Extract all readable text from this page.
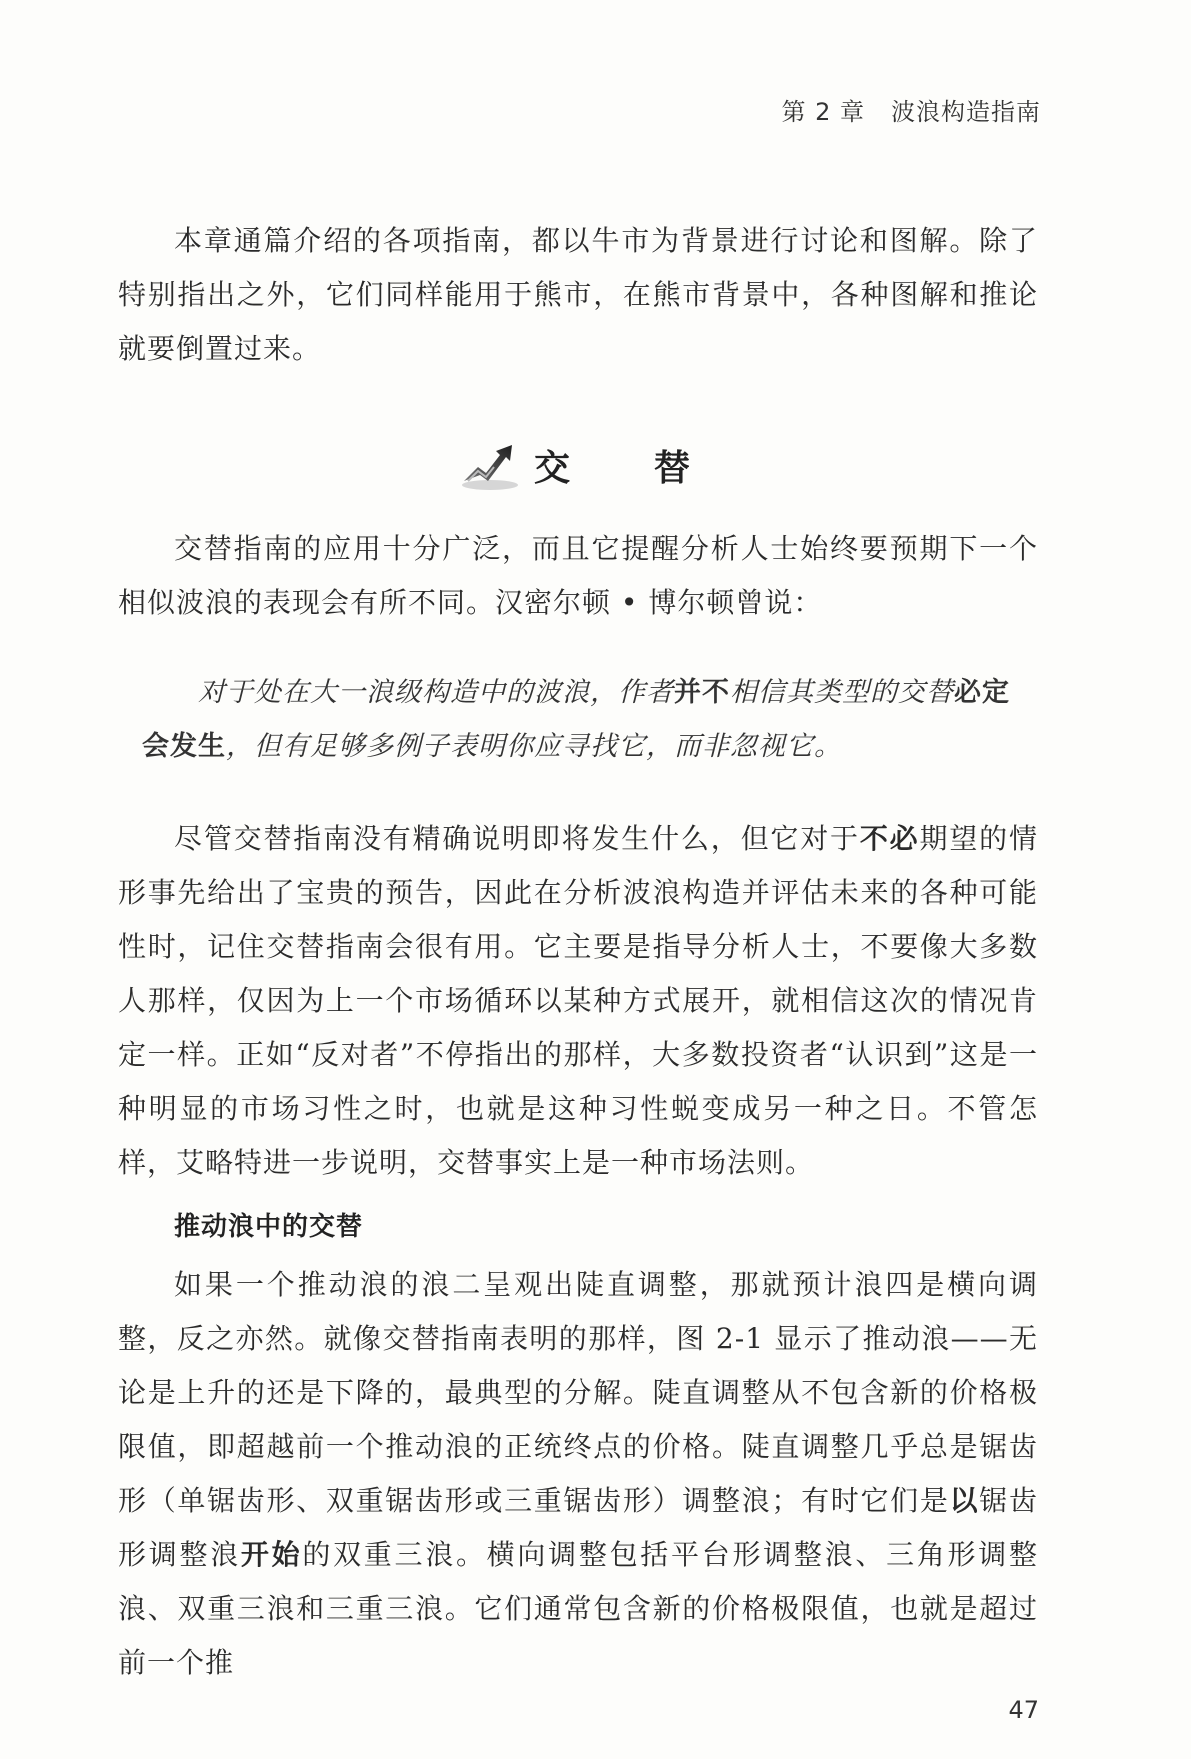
第 2 章 波浪构造指南
本章通篇介绍的各项指南，都以牛市为背景进行讨论和图解。除了特别指出之外，它们同样能用于熊市，在熊市背景中，各种图解和推论就要倒置过来。
交替
交替指南的应用十分广泛，而且它提醒分析人士始终要预期下一个相似波浪的表现会有所不同。汉密尔顿 • 博尔顿曾说：
对于处在大一浪级构造中的波浪，作者并不相信其类型的交替必定会发生，但有足够多例子表明你应寻找它，而非忽视它。
尽管交替指南没有精确说明即将发生什么，但它对于不必期望的情形事先给出了宝贵的预告，因此在分析波浪构造并评估未来的各种可能性时，记住交替指南会很有用。它主要是指导分析人士，不要像大多数人那样，仅因为上一个市场循环以某种方式展开，就相信这次的情况肯定一样。正如“反对者”不停指出的那样，大多数投资者“认识到”这是一种明显的市场习性之时，也就是这种习性蜕变成另一种之日。不管怎样，艾略特进一步说明，交替事实上是一种市场法则。
推动浪中的交替
如果一个推动浪的浪二呈观出陡直调整，那就预计浪四是横向调整，反之亦然。就像交替指南表明的那样，图 2-1 显示了推动浪——无论是上升的还是下降的，最典型的分解。陡直调整从不包含新的价格极限值，即超越前一个推动浪的正统终点的价格。陡直调整几乎总是锯齿形（单锯齿形、双重锯齿形或三重锯齿形）调整浪；有时它们是以锯齿形调整浪开始的双重三浪。横向调整包括平台形调整浪、三角形调整浪、双重三浪和三重三浪。它们通常包含新的价格极限值，也就是超过前一个推
47
